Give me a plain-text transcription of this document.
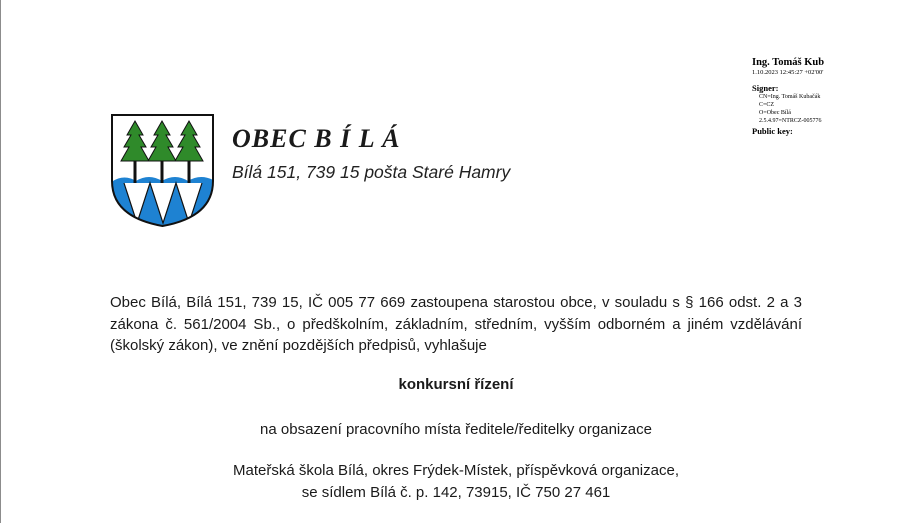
Ing. Tomáš Kub
1.10.2023 12:45:27 +02'00'
Signer:
CN=Ing. Tomáš Kubačák
C=CZ
O=Obec Bílá
2.5.4.97=NTRCZ-005776
Public key:
OBEC B Í L Á
Bílá 151, 739 15 pošta Staré Hamry
Obec Bílá, Bílá 151, 739 15, IČ 005 77 669 zastoupena starostou obce, v souladu s § 166 odst. 2 a 3 zákona č. 561/2004 Sb., o předškolním, základním, středním, vyšším odborném a jiném vzdělávání (školský zákon), ve znění pozdějších předpisů, vyhlašuje
konkursní řízení
na obsazení pracovního místa ředitele/ředitelky organizace
Mateřská škola Bílá, okres Frýdek-Místek, příspěvková organizace,
se sídlem Bílá č. p. 142, 73915, IČ 750 27 461
